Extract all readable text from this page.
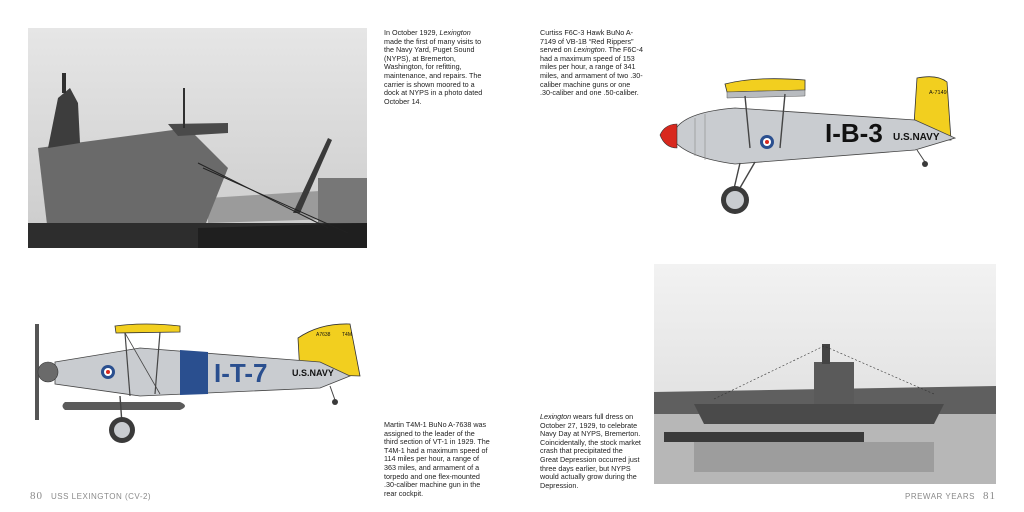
In October 1929, Lexington made the first of many visits to the Navy Yard, Puget Sound (NYPS), at Bremerton, Washington, for refitting, maintenance, and repairs. The carrier is shown moored to a dock at NYPS in a photo dated October 14.
Curtiss F6C-3 Hawk BuNo A-7149 of VB-1B “Red Rippers” served on Lexington. The F6C-4 had a maximum speed of 153 miles per hour, a range of 341 miles, and armament of two .30-caliber machine guns or one .30-caliber and one .50-caliber.
I-B-3 U.S.NAVY
A-7149
I-T-7	U.S.NAVY
A7638 T4M
Martin T4M-1 BuNo A-7638 was assigned to the leader of the third section of VT-1 in 1929. The T4M-1 had a maximum speed of 114 miles per hour, a range of 363 miles, and armament of a torpedo and one flex-mounted .30-caliber machine gun in the rear cockpit.
Lexington wears full dress on October 27, 1929, to celebrate Navy Day at NYPS, Bremerton. Coincidentally, the stock market crash that precipitated the Great Depression occurred just three days earlier, but NYPS would actually grow during the Depression.
80 USS LEXINGTON (CV-2)	PREWAR YEARS 81
